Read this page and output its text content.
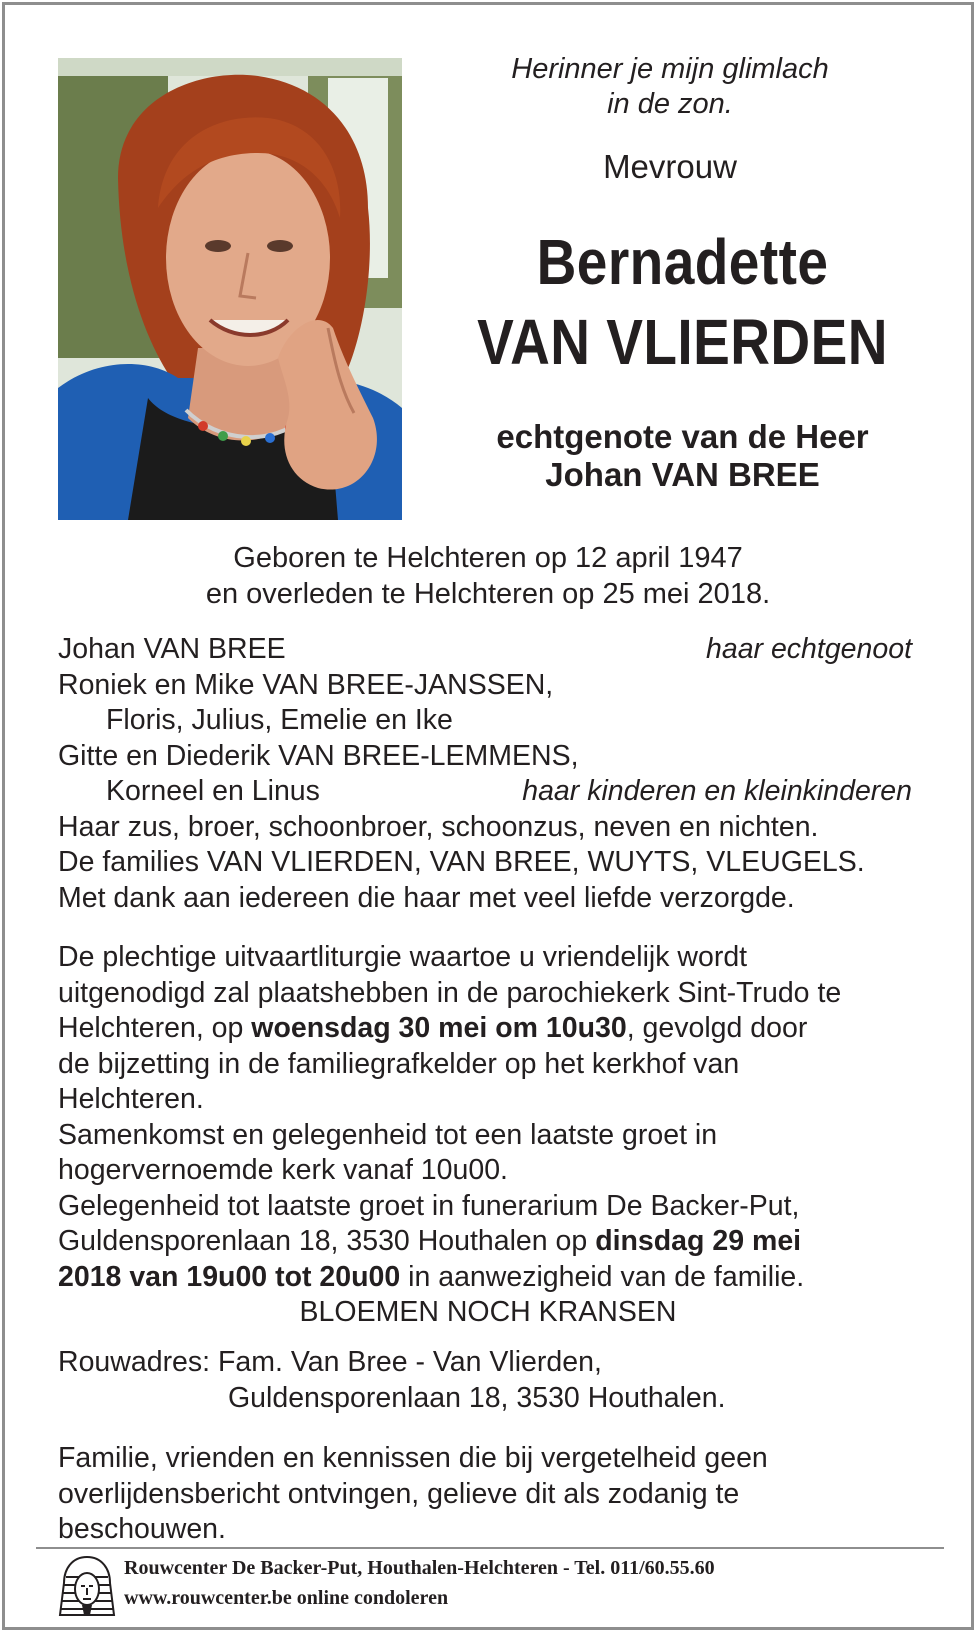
Herinner je mijn glimlach
in de zon.
Mevrouw
Bernadette
VAN VLIERDEN
echtgenote van de Heer
Johan VAN BREE
Geboren te Helchteren op 12 april 1947
en overleden te Helchteren op 25 mei 2018.
Johan VAN BREE	haar echtgenoot
Roniek en Mike VAN BREE-JANSSEN,
Floris, Julius, Emelie en Ike
Gitte en Diederik VAN BREE-LEMMENS,
Korneel en Linus	haar kinderen en kleinkinderen
Haar zus, broer, schoonbroer, schoonzus, neven en nichten.
De families VAN VLIERDEN, VAN BREE, WUYTS, VLEUGELS.
Met dank aan iedereen die haar met veel liefde verzorgde.
De plechtige uitvaartliturgie waartoe u vriendelijk wordt
uitgenodigd zal plaatshebben in de parochiekerk Sint-Trudo te
Helchteren, op woensdag 30 mei om 10u30, gevolgd door
de bijzetting in de familiegrafkelder op het kerkhof van
Helchteren.
Samenkomst en gelegenheid tot een laatste groet in
hogervernoemde kerk vanaf 10u00.
Gelegenheid tot laatste groet in funerarium De Backer-Put,
Guldensporenlaan 18, 3530 Houthalen op dinsdag 29 mei
2018 van 19u00 tot 20u00 in aanwezigheid van de familie.
BLOEMEN NOCH KRANSEN
Rouwadres: Fam. Van Bree - Van Vlierden,
Guldensporenlaan 18, 3530 Houthalen.
Familie, vrienden en kennissen die bij vergetelheid geen
overlijdensbericht ontvingen, gelieve dit als zodanig te
beschouwen.
Rouwcenter De Backer-Put, Houthalen-Helchteren - Tel. 011/60.55.60
www.rouwcenter.be online condoleren
